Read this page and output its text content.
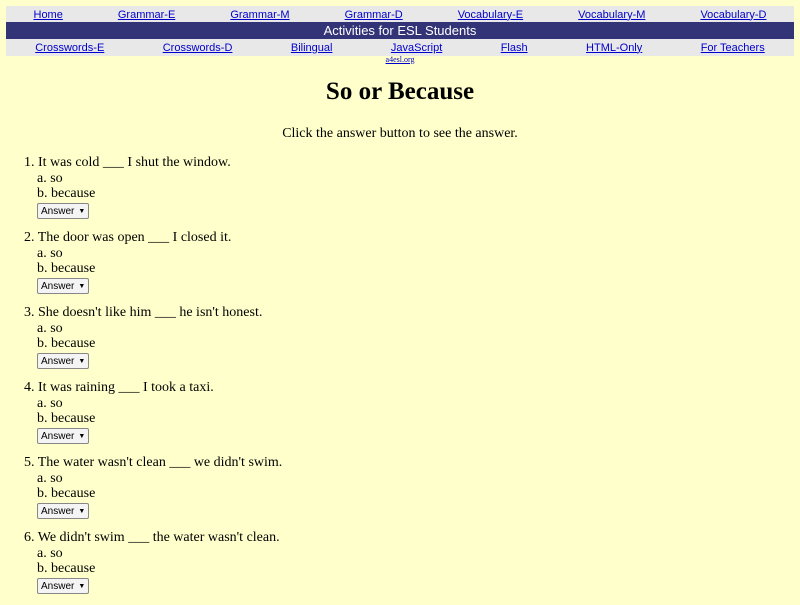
Home	Grammar-E	Grammar-M	Grammar-D	Vocabulary-E	Vocabulary-M	Vocabulary-D
Activities for ESL Students
Crosswords-E	Crosswords-D	Bilingual	JavaScript	Flash	HTML-Only	For Teachers
a4esl.org
So or Because
Click the answer button to see the answer.
1. It was cold ___ I shut the window.
a. so
b. because
Answer ▼
2. The door was open ___ I closed it.
a. so
b. because
Answer ▼
3. She doesn't like him ___ he isn't honest.
a. so
b. because
Answer ▼
4. It was raining ___ I took a taxi.
a. so
b. because
Answer ▼
5. The water wasn't clean ___ we didn't swim.
a. so
b. because
Answer ▼
6. We didn't swim ___ the water wasn't clean.
a. so
b. because
Answer ▼
